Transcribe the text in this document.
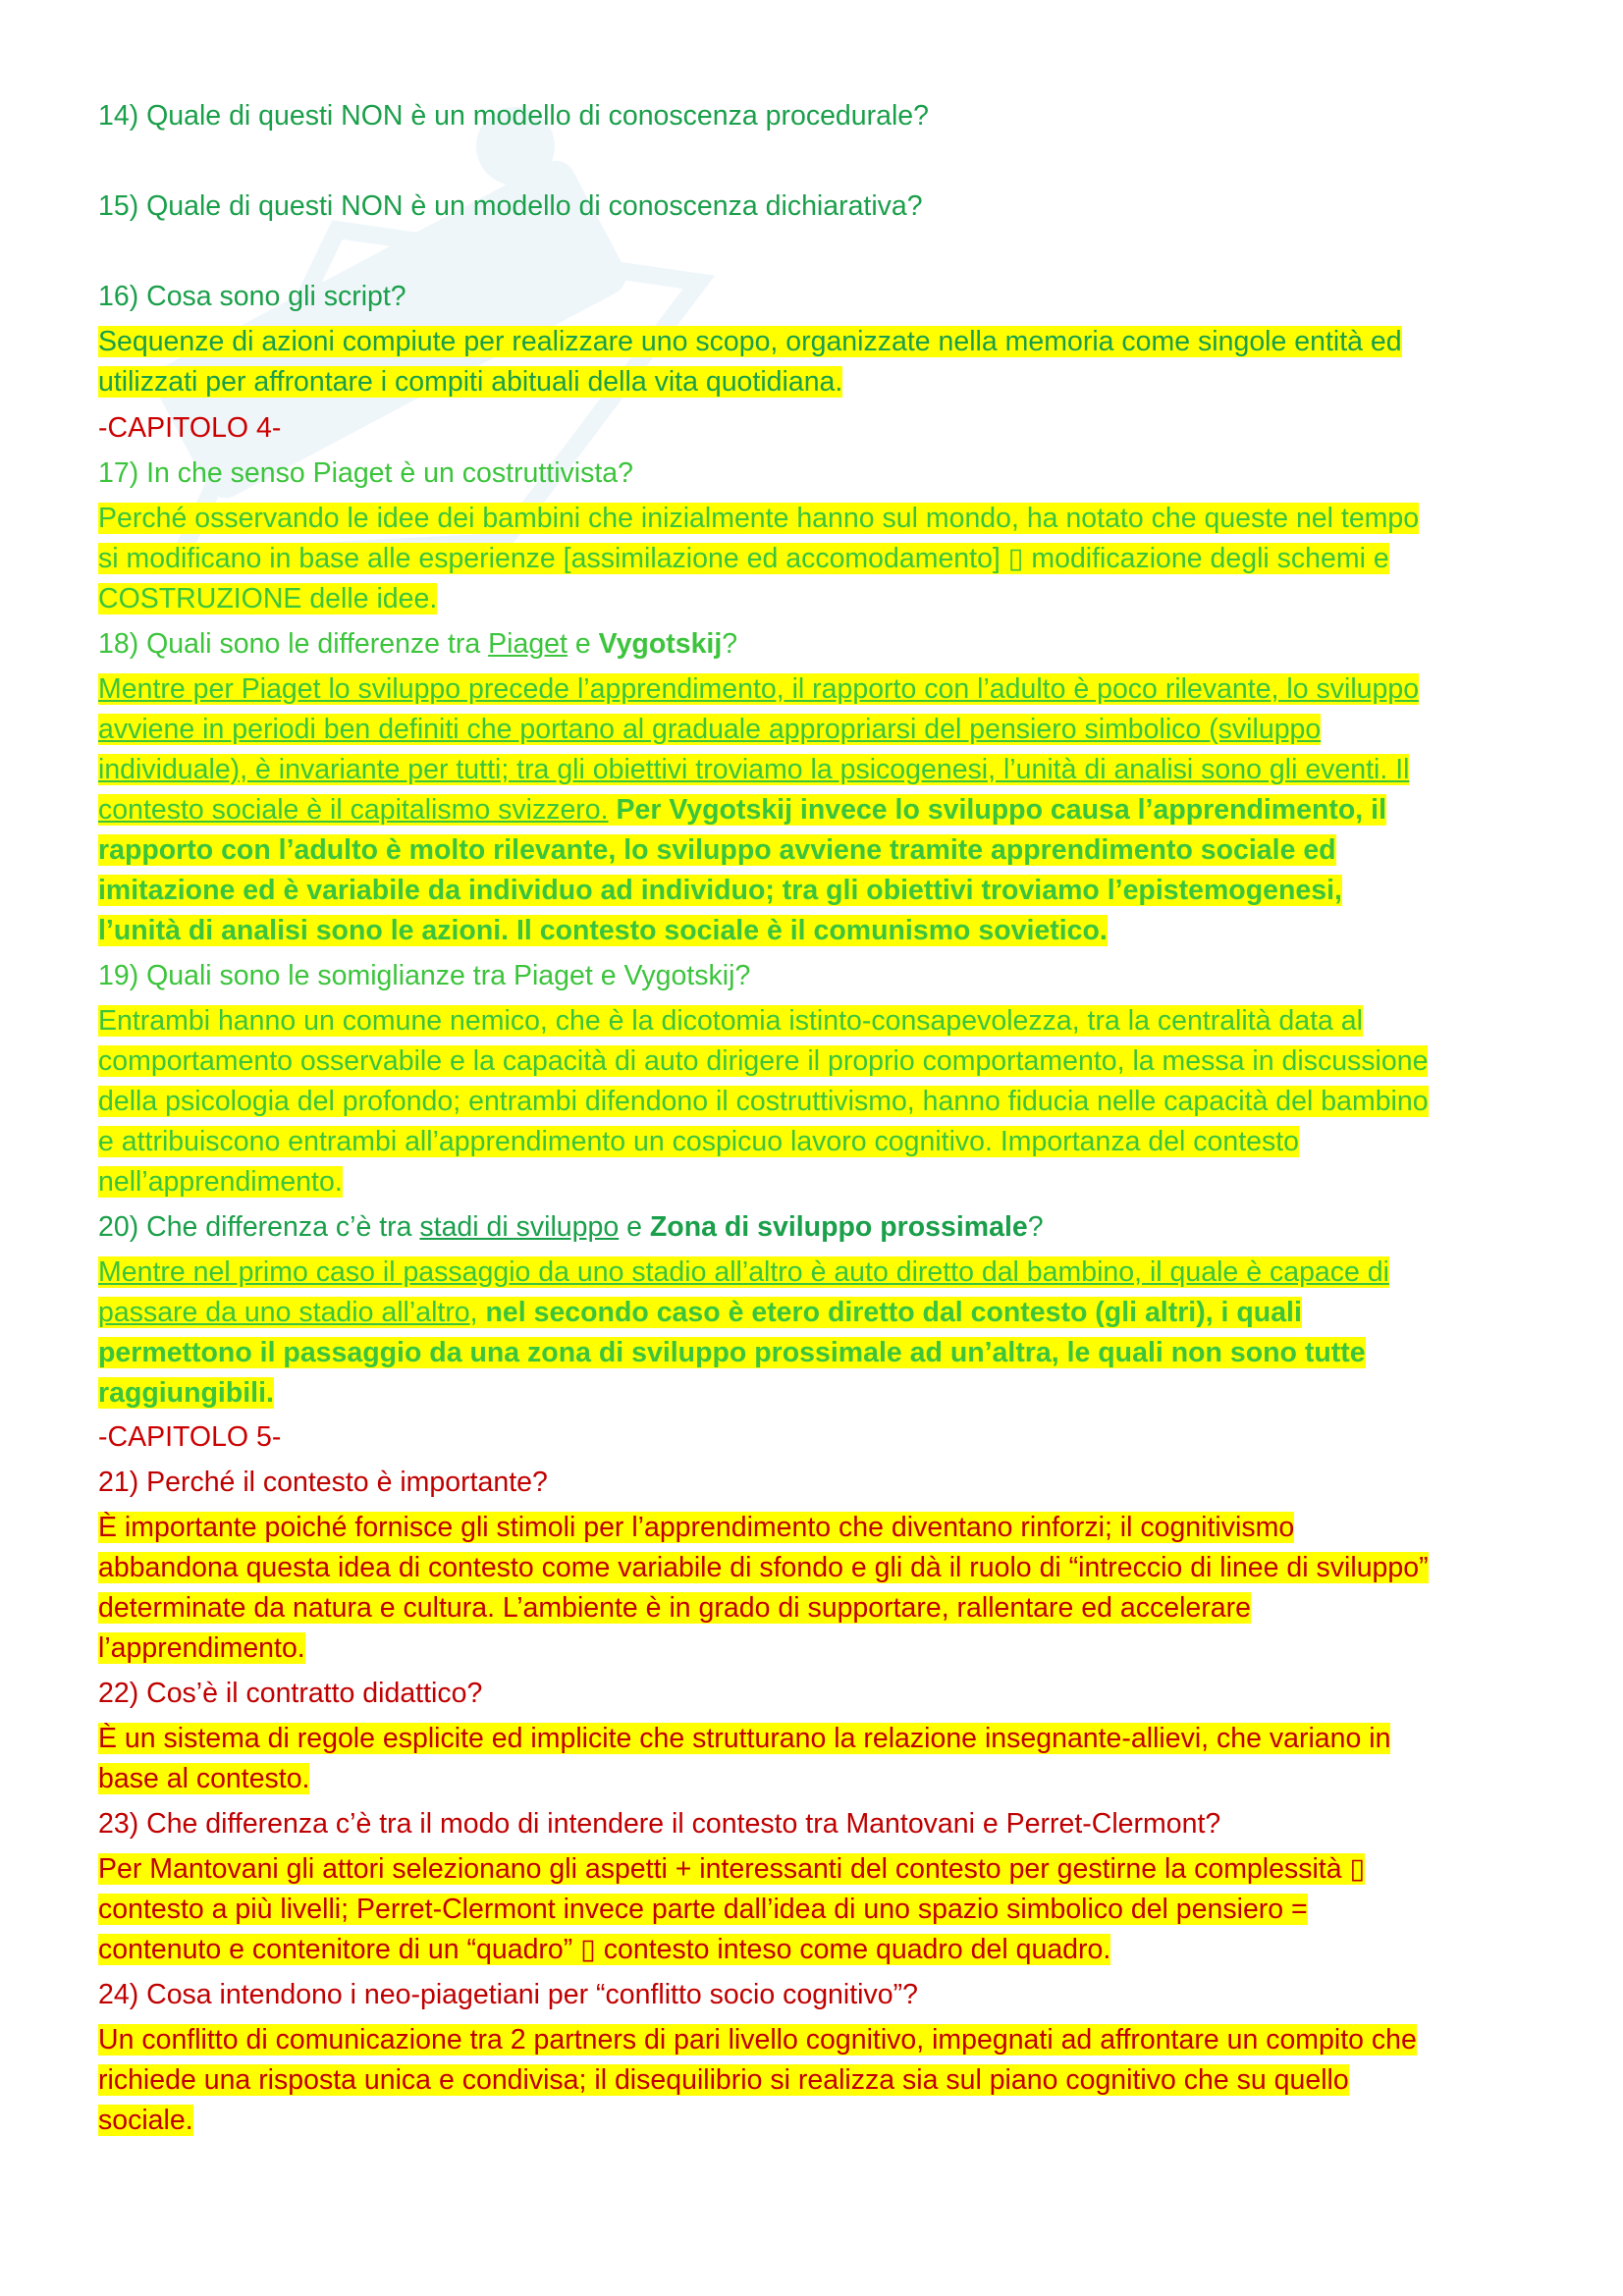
14) Quale di questi NON è un modello di conoscenza procedurale?
15) Quale di questi NON è un modello di conoscenza dichiarativa?
16) Cosa sono gli script?
Sequenze di azioni compiute per realizzare uno scopo, organizzate nella memoria come singole entità ed
utilizzati per affrontare i compiti abituali della vita quotidiana.
-CAPITOLO 4-
17) In che senso Piaget è un costruttivista?
Perché osservando le idee dei bambini che inizialmente hanno sul mondo, ha notato che queste nel tempo
si modificano in base alle esperienze [assimilazione ed accomodamento] ▯ modificazione degli schemi e
COSTRUZIONE delle idee.
18) Quali sono le differenze tra Piaget e Vygotskij?
Mentre per Piaget lo sviluppo precede l’apprendimento, il rapporto con l’adulto è poco rilevante, lo sviluppo
avviene in periodi ben definiti che portano al graduale appropriarsi del pensiero simbolico (sviluppo
individuale), è invariante per tutti; tra gli obiettivi troviamo la psicogenesi, l’unità di analisi sono gli eventi. Il
contesto sociale è il capitalismo svizzero. Per Vygotskij invece lo sviluppo causa l’apprendimento, il
rapporto con l’adulto è molto rilevante, lo sviluppo avviene tramite apprendimento sociale ed
imitazione ed è variabile da individuo ad individuo; tra gli obiettivi troviamo l’epistemogenesi,
l’unità di analisi sono le azioni. Il contesto sociale è il comunismo sovietico.
19) Quali sono le somiglianze tra Piaget e Vygotskij?
Entrambi hanno un comune nemico, che è la dicotomia istinto-consapevolezza, tra la centralità data al
comportamento osservabile e la capacità di auto dirigere il proprio comportamento, la messa in discussione
della psicologia del profondo; entrambi difendono il costruttivismo, hanno fiducia nelle capacità del bambino
e attribuiscono entrambi all’apprendimento un cospicuo lavoro cognitivo. Importanza del contesto
nell’apprendimento.
20) Che differenza c’è tra stadi di sviluppo e Zona di sviluppo prossimale?
Mentre nel primo caso il passaggio da uno stadio all’altro è auto diretto dal bambino, il quale è capace di
passare da uno stadio all’altro, nel secondo caso è etero diretto dal contesto (gli altri), i quali
permettono il passaggio da una zona di sviluppo prossimale ad un’altra, le quali non sono tutte
raggiungibili.
-CAPITOLO 5-
21) Perché il contesto è importante?
È importante poiché fornisce gli stimoli per l’apprendimento che diventano rinforzi; il cognitivismo
abbandona questa idea di contesto come variabile di sfondo e gli dà il ruolo di “intreccio di linee di sviluppo”
determinate da natura e cultura. L’ambiente è in grado di supportare, rallentare ed accelerare
l’apprendimento.
22) Cos’è il contratto didattico?
È un sistema di regole esplicite ed implicite che strutturano la relazione insegnante-allievi, che variano in
base al contesto.
23) Che differenza c’è tra il modo di intendere il contesto tra Mantovani e Perret-Clermont?
Per Mantovani gli attori selezionano gli aspetti + interessanti del contesto per gestirne la complessità ▯
contesto a più livelli; Perret-Clermont invece parte dall’idea di uno spazio simbolico del pensiero =
contenuto e contenitore di un “quadro” ▯ contesto inteso come quadro del quadro.
24) Cosa intendono i neo-piagetiani per “conflitto socio cognitivo”?
Un conflitto di comunicazione tra 2 partners di pari livello cognitivo, impegnati ad affrontare un compito che
richiede una risposta unica e condivisa; il disequilibrio si realizza sia sul piano cognitivo che su quello
sociale.
